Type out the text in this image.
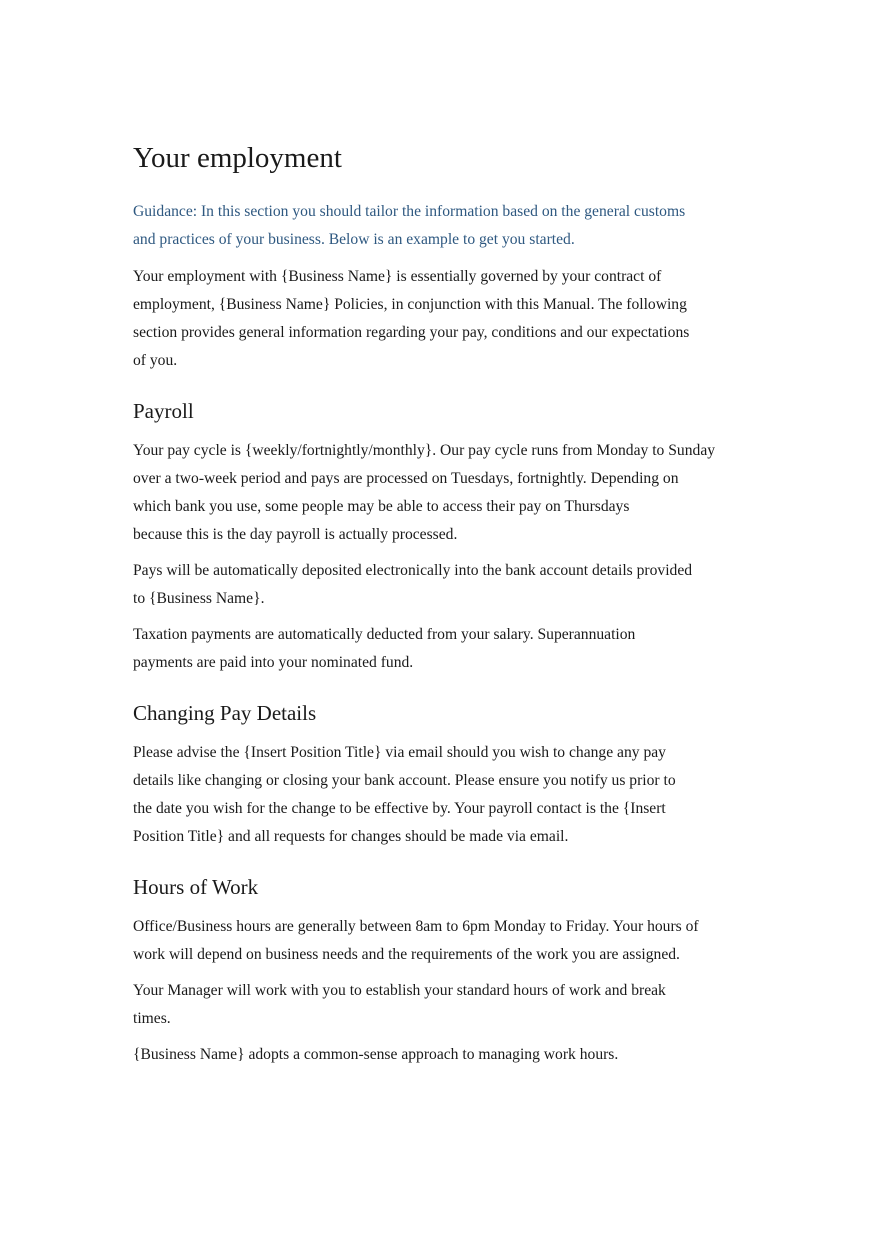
Your employment

Guidance: In this section you should tailor the information based on the general customs
and practices of your business. Below is an example to get you started.

Your employment with {Business Name} is essentially governed by your contract of
employment, {Business Name} Policies, in conjunction with this Manual. The following
section provides general information regarding your pay, conditions and our expectations
of you.

Payroll

Your pay cycle is {weekly/fortnightly/monthly}. Our pay cycle runs from Monday to Sunday
over a two-week period and pays are processed on Tuesdays, fortnightly. Depending on
which bank you use, some people may be able to access their pay on Thursdays
because this is the day payroll is actually processed.

Pays will be automatically deposited electronically into the bank account details provided
to {Business Name}.

Taxation payments are automatically deducted from your salary. Superannuation
payments are paid into your nominated fund.

Changing Pay Details

Please advise the {Insert Position Title} via email should you wish to change any pay
details like changing or closing your bank account. Please ensure you notify us prior to
the date you wish for the change to be effective by. Your payroll contact is the {Insert
Position Title} and all requests for changes should be made via email.

Hours of Work

Office/Business hours are generally between 8am to 6pm Monday to Friday. Your hours of
work will depend on business needs and the requirements of the work you are assigned.

Your Manager will work with you to establish your standard hours of work and break
times.

{Business Name} adopts a common-sense approach to managing work hours.
